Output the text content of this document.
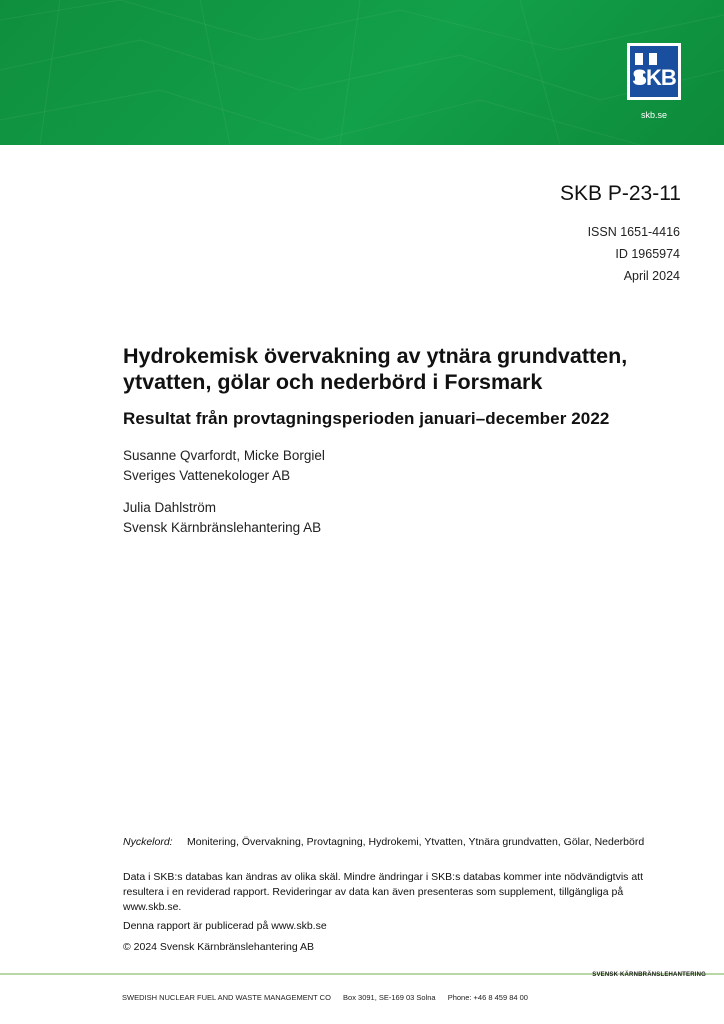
SKB
skb.se
SKB P-23-11
ISSN 1651-4416
ID 1965974
April 2024
Hydrokemisk övervakning av ytnära grundvatten,
ytvatten, gölar och nederbörd i Forsmark
Resultat från provtagningsperioden januari–december 2022
Susanne Qvarfordt, Micke Borgiel
Sveriges Vattenekologer AB
Julia Dahlström
Svensk Kärnbränslehantering AB
Nyckelord: Monitering, Övervakning, Provtagning, Hydrokemi, Ytvatten, Ytnära grundvatten, Gölar, Nederbörd
Data i SKB:s databas kan ändras av olika skäl. Mindre ändringar i SKB:s databas kommer inte nödvändigtvis att resultera i en reviderad rapport. Revideringar av data kan även presenteras som supplement, tillgängliga på www.skb.se.
Denna rapport är publicerad på www.skb.se
© 2024 Svensk Kärnbränslehantering AB
SVENSK KÄRNBRÄNSLEHANTERING
SWEDISH NUCLEAR FUEL AND WASTE MANAGEMENT CO Box 3091, SE-169 03 Solna Phone: +46 8 459 84 00
